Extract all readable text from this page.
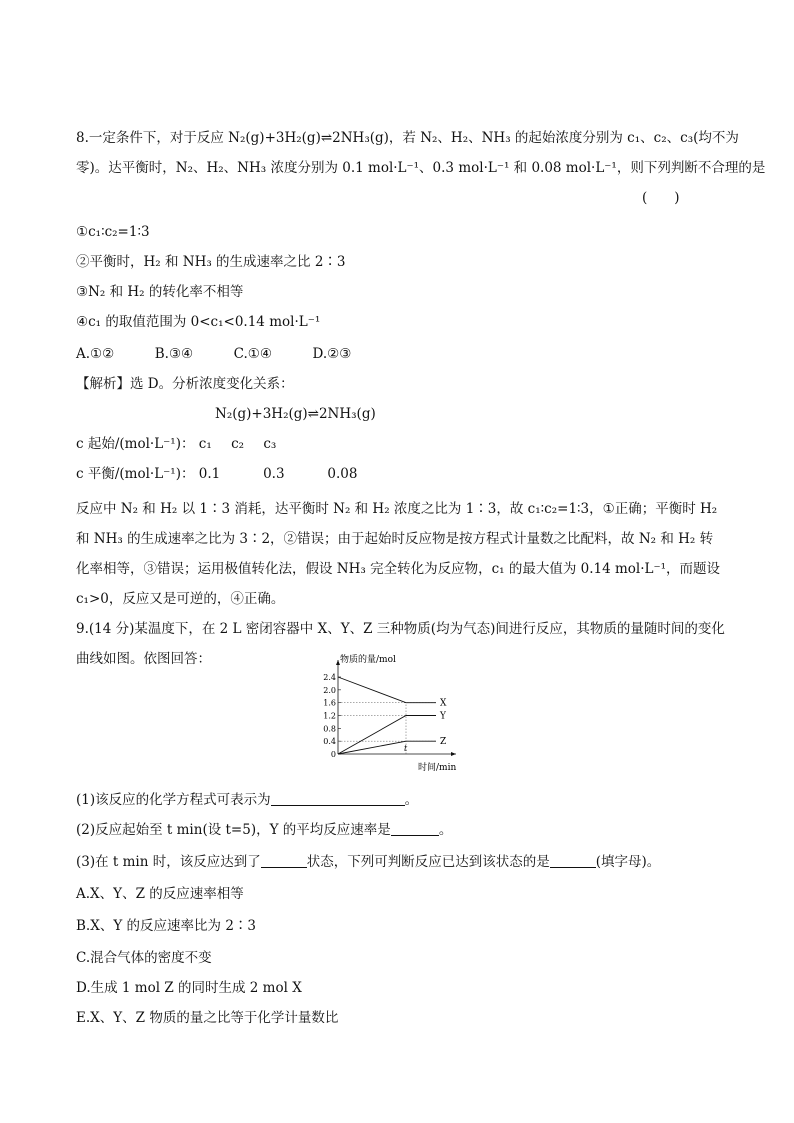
8.一定条件下，对于反应 N₂(g)+3H₂(g)⇌2NH₃(g)，若 N₂、H₂、NH₃ 的起始浓度分别为 c₁、c₂、c₃(均不为
零)。达平衡时，N₂、H₂、NH₃ 浓度分别为 0.1 mol·L⁻¹、0.3 mol·L⁻¹ 和 0.08 mol·L⁻¹，则下列判断不合理的是
(　　)
①c₁∶c₂=1∶3
②平衡时，H₂ 和 NH₃ 的生成速率之比 2∶3
③N₂ 和 H₂ 的转化率不相等
④c₁ 的取值范围为 0<c₁<0.14 mol·L⁻¹
A.①②　　　B.③④　　　C.①④　　　D.②③
【解析】选 D。分析浓度变化关系：
N₂(g)+3H₂(g)⇌2NH₃(g)
c 起始/(mol·L⁻¹)： c₁ c₂ c₃
c 平衡/(mol·L⁻¹)： 0.1	0.3	0.08
反应中 N₂ 和 H₂ 以 1∶3 消耗，达平衡时 N₂ 和 H₂ 浓度之比为 1∶3，故 c₁∶c₂=1∶3，①正确；平衡时 H₂ 和 NH₃ 的生成速率之比为 3∶2，②错误；由于起始时反应物是按方程式计量数之比配料，故 N₂ 和 H₂ 转化率相等，③错误；运用极值转化法，假设 NH₃ 完全转化为反应物，c₁ 的最大值为 0.14 mol·L⁻¹，而题设 c₁>0，反应又是可逆的，④正确。
9.(14 分)某温度下，在 2 L 密闭容器中 X、Y、Z 三种物质(均为气态)间进行反应，其物质的量随时间的变化曲线如图。依图回答：
2.4
2.0
1.6
1.2
0.8
0.4
0
t
X
Y
Z
物质的量/mol
时间/min
(1)该反应的化学方程式可表示为	。
(2)反应起始至 t min(设 t=5)，Y 的平均反应速率是	。
(3)在 t min 时，该反应达到了	状态，下列可判断反应已达到该状态的是	(填字母)。
A.X、Y、Z 的反应速率相等
B.X、Y 的反应速率比为 2∶3
C.混合气体的密度不变
D.生成 1 mol Z 的同时生成 2 mol X
E.X、Y、Z 物质的量之比等于化学计量数比
